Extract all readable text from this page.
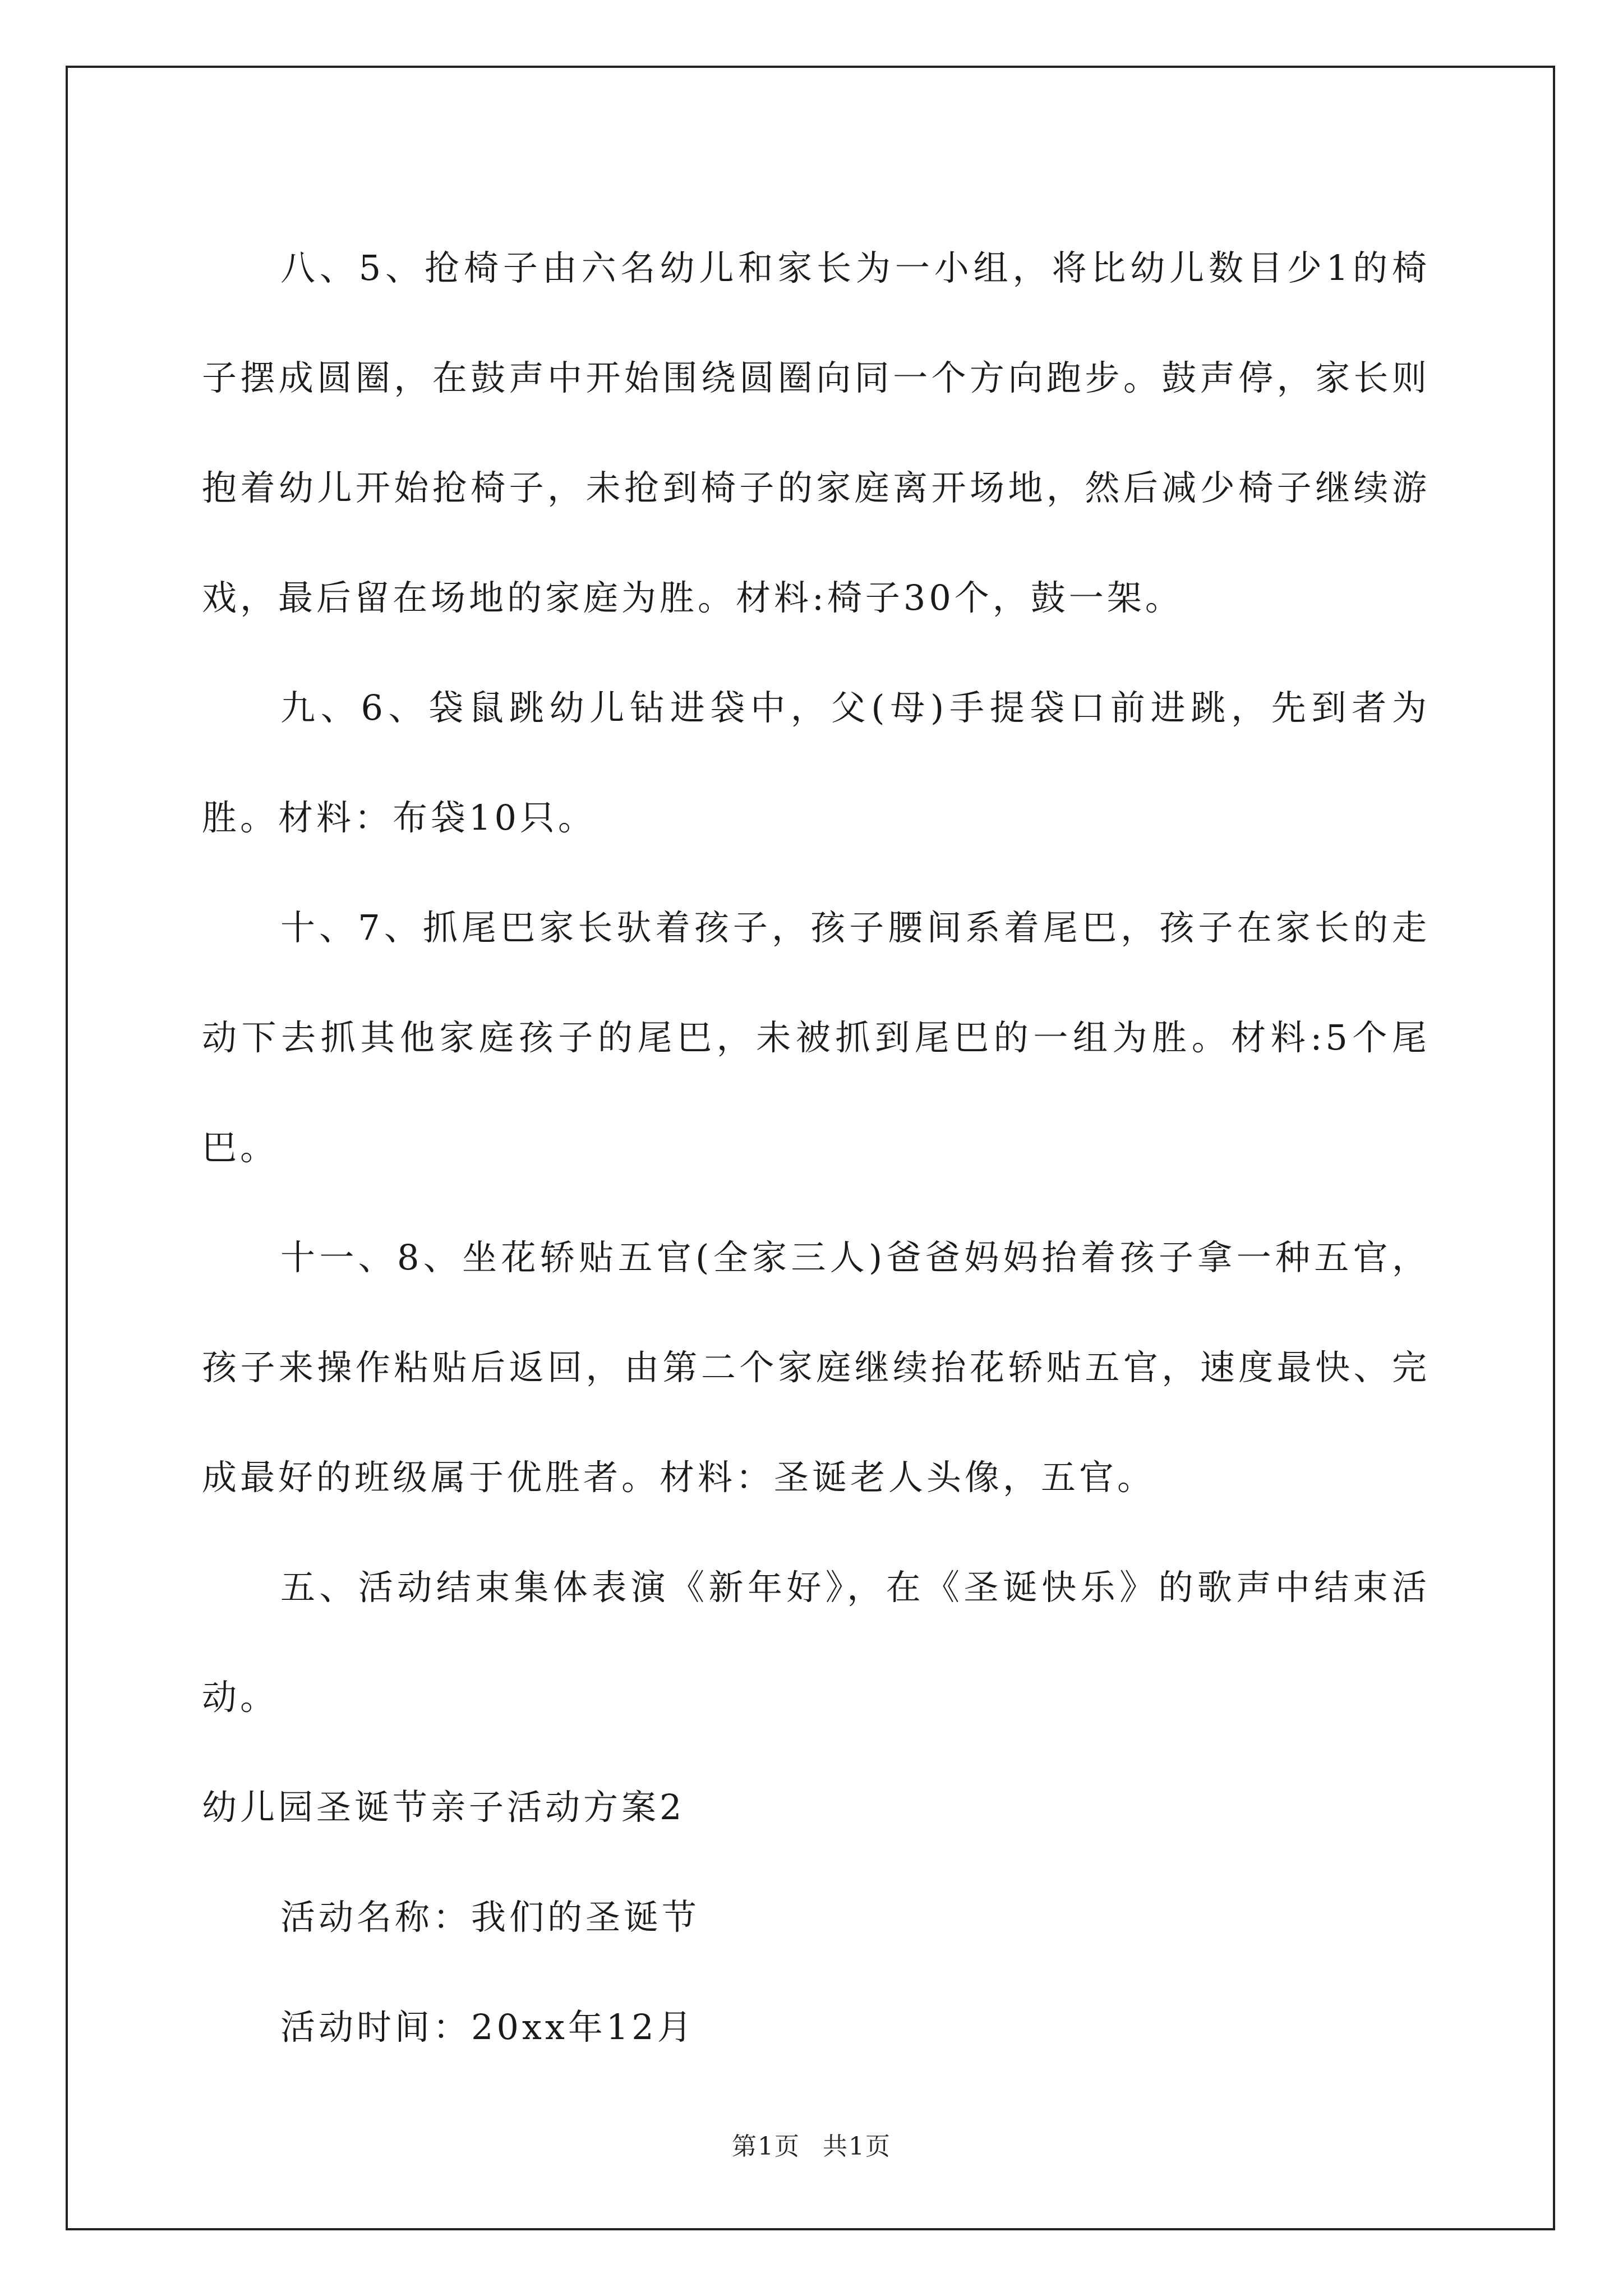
八、5、抢椅子由六名幼儿和家长为一小组，将比幼儿数目少1的椅子摆成圆圈，在鼓声中开始围绕圆圈向同一个方向跑步。鼓声停，家长则抱着幼儿开始抢椅子，未抢到椅子的家庭离开场地，然后减少椅子继续游戏，最后留在场地的家庭为胜。材料:椅子30个，鼓一架。

九、6、袋鼠跳幼儿钻进袋中，父(母)手提袋口前进跳，先到者为胜。材料：布袋10只。

十、7、抓尾巴家长驮着孩子，孩子腰间系着尾巴，孩子在家长的走动下去抓其他家庭孩子的尾巴，未被抓到尾巴的一组为胜。材料:5个尾巴。

十一、8、坐花轿贴五官(全家三人)爸爸妈妈抬着孩子拿一种五官，孩子来操作粘贴后返回，由第二个家庭继续抬花轿贴五官，速度最快、完成最好的班级属于优胜者。材料：圣诞老人头像，五官。

五、活动结束集体表演《新年好》，在《圣诞快乐》的歌声中结束活动。

幼儿园圣诞节亲子活动方案2

活动名称：我们的圣诞节

活动时间：20xx年12月

第1页 共1页
